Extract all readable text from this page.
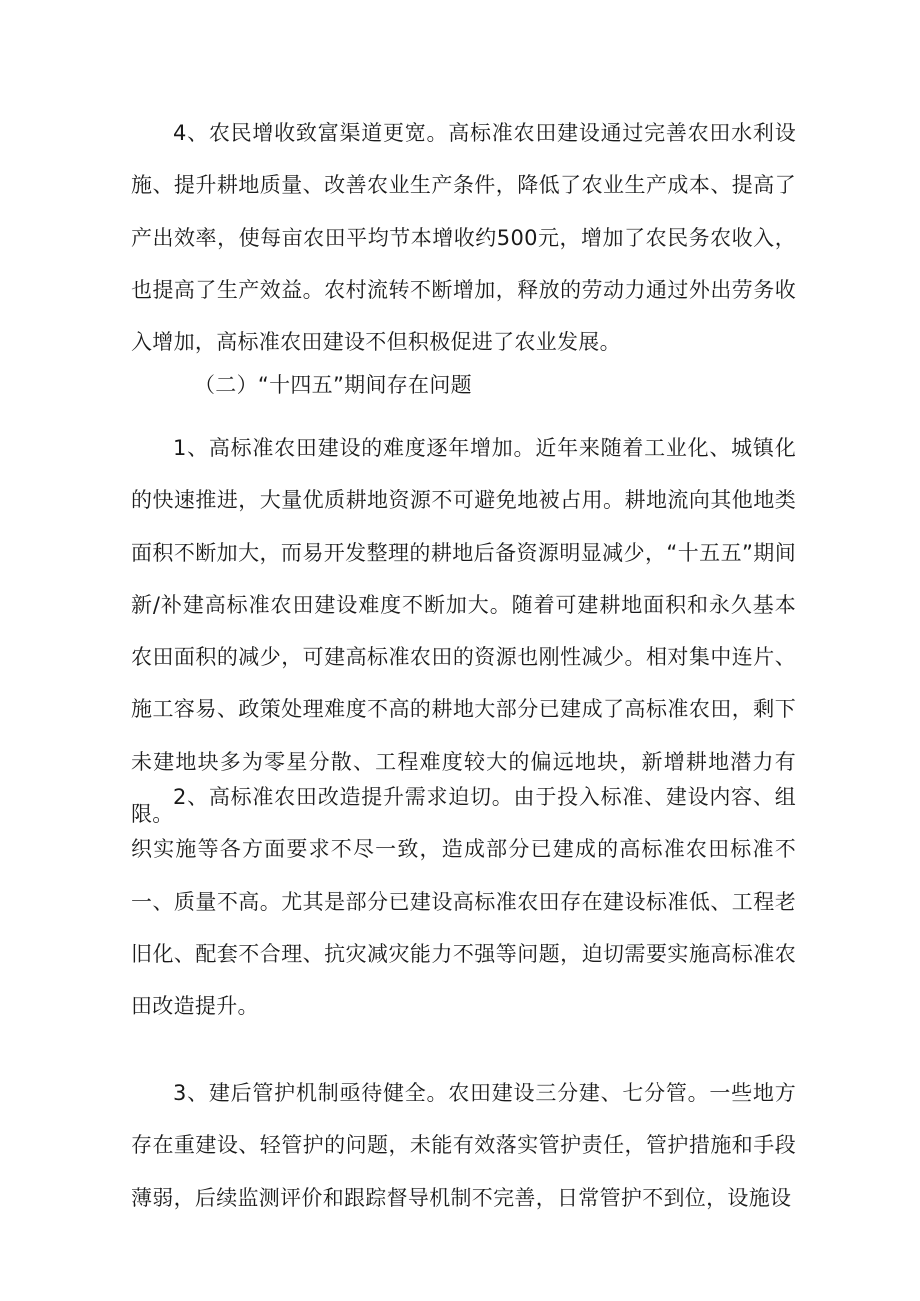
4、农民增收致富渠道更宽。高标准农田建设通过完善农田水利设施、提升耕地质量、改善农业生产条件，降低了农业生产成本、提高了产出效率，使每亩农田平均节本增收约500元，增加了农民务农收入，也提高了生产效益。农村流转不断增加，释放的劳动力通过外出劳务收入增加，高标准农田建设不但积极促进了农业发展。

（二）“十四五”期间存在问题

1、高标准农田建设的难度逐年增加。近年来随着工业化、城镇化的快速推进，大量优质耕地资源不可避免地被占用。耕地流向其他地类面积不断加大，而易开发整理的耕地后备资源明显减少，“十五五”期间新/补建高标准农田建设难度不断加大。随着可建耕地面积和永久基本农田面积的减少，可建高标准农田的资源也刚性减少。相对集中连片、施工容易、政策处理难度不高的耕地大部分已建成了高标准农田，剩下未建地块多为零星分散、工程难度较大的偏远地块，新增耕地潜力有限。

2、高标准农田改造提升需求迫切。由于投入标准、建设内容、组织实施等各方面要求不尽一致，造成部分已建成的高标准农田标准不一、质量不高。尤其是部分已建设高标准农田存在建设标准低、工程老旧化、配套不合理、抗灾减灾能力不强等问题，迫切需要实施高标准农田改造提升。

3、建后管护机制亟待健全。农田建设三分建、七分管。一些地方存在重建设、轻管护的问题，未能有效落实管护责任，管护措施和手段薄弱，后续监测评价和跟踪督导机制不完善，日常管护不到位，设施设
